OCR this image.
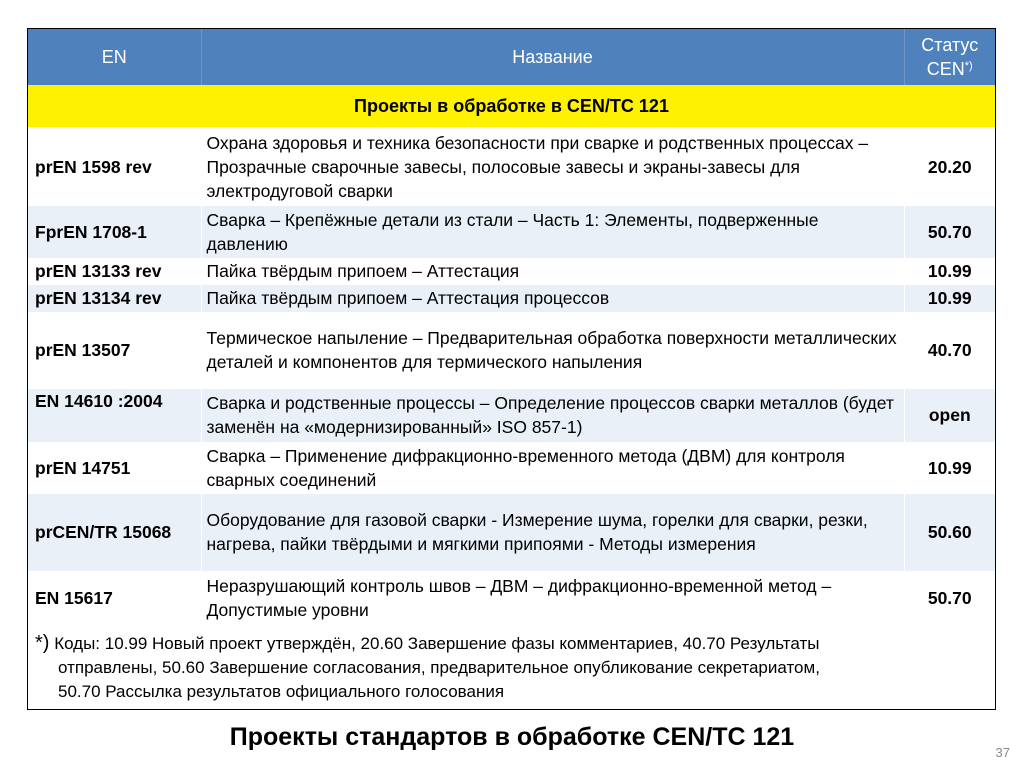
EN	Название	Статус
CEN*)
Проекты в обработке в CEN/TC 121		
prEN 1598 rev	Охрана здоровья и техника безопасности при сварке и родственных процессах – Прозрачные сварочные завесы, полосовые завесы и экраны-завесы для электродуговой сварки	20.20
FprEN 1708-1	Сварка – Крепёжные детали из стали – Часть 1: Элементы, подверженные давлению	50.70
prEN 13133 rev	Пайка твёрдым припоем – Аттестация	10.99
prEN 13134 rev	Пайка твёрдым припоем – Аттестация процессов	10.99
prEN 13507	Термическое напыление – Предварительная обработка поверхности металлических деталей и компонентов для термического напыления	40.70
EN 14610 :2004	Сварка и родственные процессы – Определение процессов сварки металлов (будет заменён на «модернизированный» ISO 857-1)	open
prEN 14751	Сварка – Применение дифракционно-временного метода (ДВМ) для контроля сварных соединений	10.99
prCEN/TR 15068	Оборудование для газовой сварки - Измерение шума, горелки для сварки, резки, нагрева, пайки твёрдыми и мягкими припоями - Методы измерения	50.60
EN 15617	Неразрушающий контроль швов – ДВМ – дифракционно-временной метод – Допустимые уровни	50.70
*) Коды: 10.99 Новый проект утверждён, 20.60 Завершение фазы комментариев, 40.70 Результаты
отправлены, 50.60 Завершение согласования, предварительное опубликование секретариатом,
50.70 Рассылка результатов официального голосования		
Проекты стандартов в обработке CEN/TC 121
37
